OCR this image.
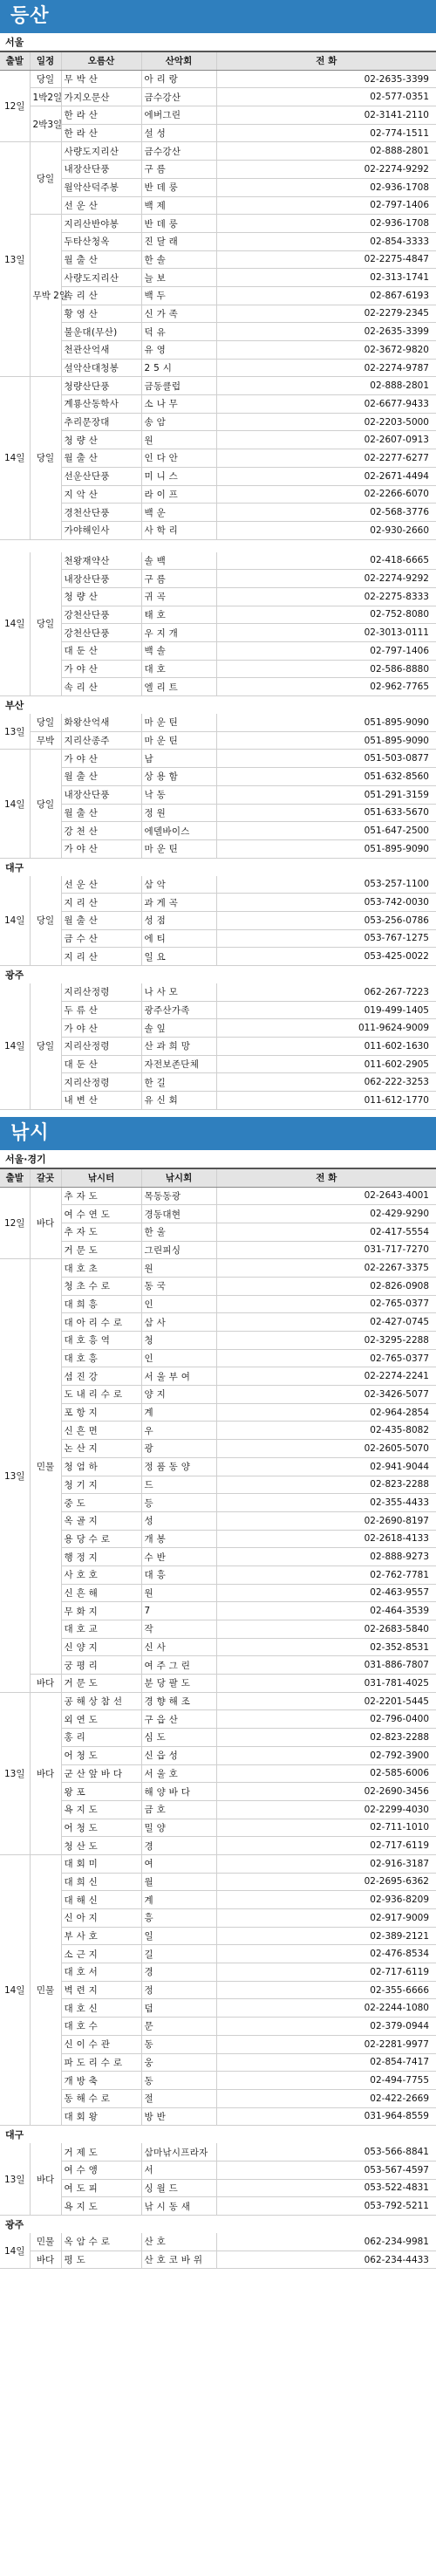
등산
서울
출발	일정	오름산	산악회	전 화
12일	당일	무 박 산	아 리 랑	02-2635-3399
	1박2일	가지오문산	금수강산	02-577-0351
	2박3일	한 라 산	에버그린	02-3141-2110
		한 라 산	설 성	02-774-1511
13일	당일	사량도지리산	금수강산	02-888-2801
		내장산단풍	구 름	02-2274-9292
		월악산덕주봉	반 데 룽	02-936-1708
		선 운 산	백 제	02-797-1406
	무박 2일	지리산반야봉	반 데 룽	02-936-1708
		두타산청옥	진 달 래	02-854-3333
		월 출 산	한 솔	02-2275-4847
		사량도지리산	늘 보	02-313-1741
		속 리 산	백 두	02-867-6193
		황 영 산	신 가 족	02-2279-2345
		불운대(무산)	덕 유	02-2635-3399
		천관산억새	유 영	02-3672-9820
		설악산대청봉	2 5 시	02-2274-9787
14일	당일	청량산단풍	금동클럽	02-888-2801
		계룡산동학사	소 나 무	02-6677-9433
		추리문장대	송 암	02-2203-5000
		청 량 산	원	02-2607-0913
		월 출 산	인 다 안	02-2277-6277
		선운산단풍	미 니 스	02-2671-4494
		지 악 산	라 이 프	02-2266-6070
		경천산단풍	백 운	02-568-3776
		가야해인사	사 학 리	02-930-2660
14일	당일	천왕재약산	솔 백	02-418-6665
		내장산단풍	구 름	02-2274-9292
		청 량 산	귀 곡	02-2275-8333
		강천산단풍	태 호	02-752-8080
		강천산단풍	우 지 개	02-3013-0111
		대 둔 산	백 솔	02-797-1406
		가 야 산	대 호	02-586-8880
		속 리 산	엘 리 트	02-962-7765
부산
13일	당일	화왕산억새	마 운 틴	051-895-9090
	무박	지리산종주	마 운 틴	051-895-9090
14일	당일	가 야 산	남	051-503-0877
		월 출 산	상 용 함	051-632-8560
		내장산단풍	낙 동	051-291-3159
		월 출 산	정 원	051-633-5670
		강 천 산	에델바이스	051-647-2500
		가 야 산	마 운 틴	051-895-9090
대구
14일	당일	선 운 산	삼 악	053-257-1100
		지 리 산	과 게 곡	053-742-0030
		월 출 산	성 점	053-256-0786
		금 수 산	에 티	053-767-1275
		지 리 산	일 요	053-425-0022
광주
14일	당일	지리산정령	나 사 모	062-267-7223
		두 류 산	광주산가족	019-499-1405
		가 야 산	솔 잎	011-9624-9009
		지리산정령	산 과 희 망	011-602-1630
		대 둔 산	자전보존단체	011-602-2905
		지리산정령	한 길	062-222-3253
		내 변 산	유 신 회	011-612-1770
낚시
서울·경기
출발	갈곳	낚시터	낚시회	전 화
12일	바다	추 자 도	목동동광	02-2643-4001
		여 수 연 도	경동대현	02-429-9290
		추 자 도	한 울	02-417-5554
		거 문 도	그린피싱	031-717-7270
13일	민물	대 호 초	원	02-2267-3375
		청 초 수 로	동 국	02-826-0908
		대 희 흥	인	02-765-0377
		대 아 리 수 로	삼 사	02-427-0745
		대 호 흥 역	청	02-3295-2288
		대 호 흥	인	02-765-0377
		섬 진 강	서 울 부 여	02-2274-2241
		도 내 리 수 로	양 지	02-3426-5077
		포 항 지	계	02-964-2854
		신 흔 면	우	02-435-8082
		논 산 지	광	02-2605-5070
		청 엄 하	정 품 동 양	02-941-9044
		청 기 지	드	02-823-2288
		중 도	등	02-355-4433
		옥 골 지	성	02-2690-8197
		용 당 수 로	개 봉	02-2618-4133
		행 정 지	수 반	02-888-9273
		사 호 호	대 흥	02-762-7781
		신 흔 해	원	02-463-9557
		무 화 지	7	02-464-3539
		대 호 교	작	02-2683-5840
		신 양 지	신 사	02-352-8531
		궁 평 리	여 주 그 린	031-886-7807
	바다	거 문 도	분 당 팔 도	031-781-4025
13일	바다	공 해 상 참 선	경 향 해 조	02-2201-5445
		외 연 도	구 읍 산	02-796-0400
		홍 리	심 도	02-823-2288
		어 청 도	신 읍 성	02-792-3900
		군 산 앞 바 다	서 울 호	02-585-6006
		왕 포	해 양 바 다	02-2690-3456
		욕 지 도	금 호	02-2299-4030
		어 청 도	밀 양	02-711-1010
		청 산 도	경	02-717-6119
14일	민물	대 회 미	여	02-916-3187
		대 희 신	월	02-2695-6362
		대 해 신	계	02-936-8209
		신 아 지	흥	02-917-9009
		부 사 호	일	02-389-2121
		소 근 지	길	02-476-8534
		대 호 서	경	02-717-6119
		벽 련 지	정	02-355-6666
		대 호 신	덤	02-2244-1080
		대 호 수	문	02-379-0944
		신 이 수 관	동	02-2281-9977
		파 도 리 수 로	웅	02-854-7417
		개 방 축	동	02-494-7755
		동 해 수 로	절	02-422-2669
		대 회 왕	방 반	031-964-8559
대구
13일	바다	거 제 도	삼마낚시프라자	053-566-8841
		여 수 앵	서	053-567-4597
		여 도 피	싱 월 드	053-522-4831
		욕 지 도	낚 시 동 새	053-792-5211
광주
14일	민물	옥 암 수 로	산 호	062-234-9981
	바다	평 도	산 호 코 바 위	062-234-4433
